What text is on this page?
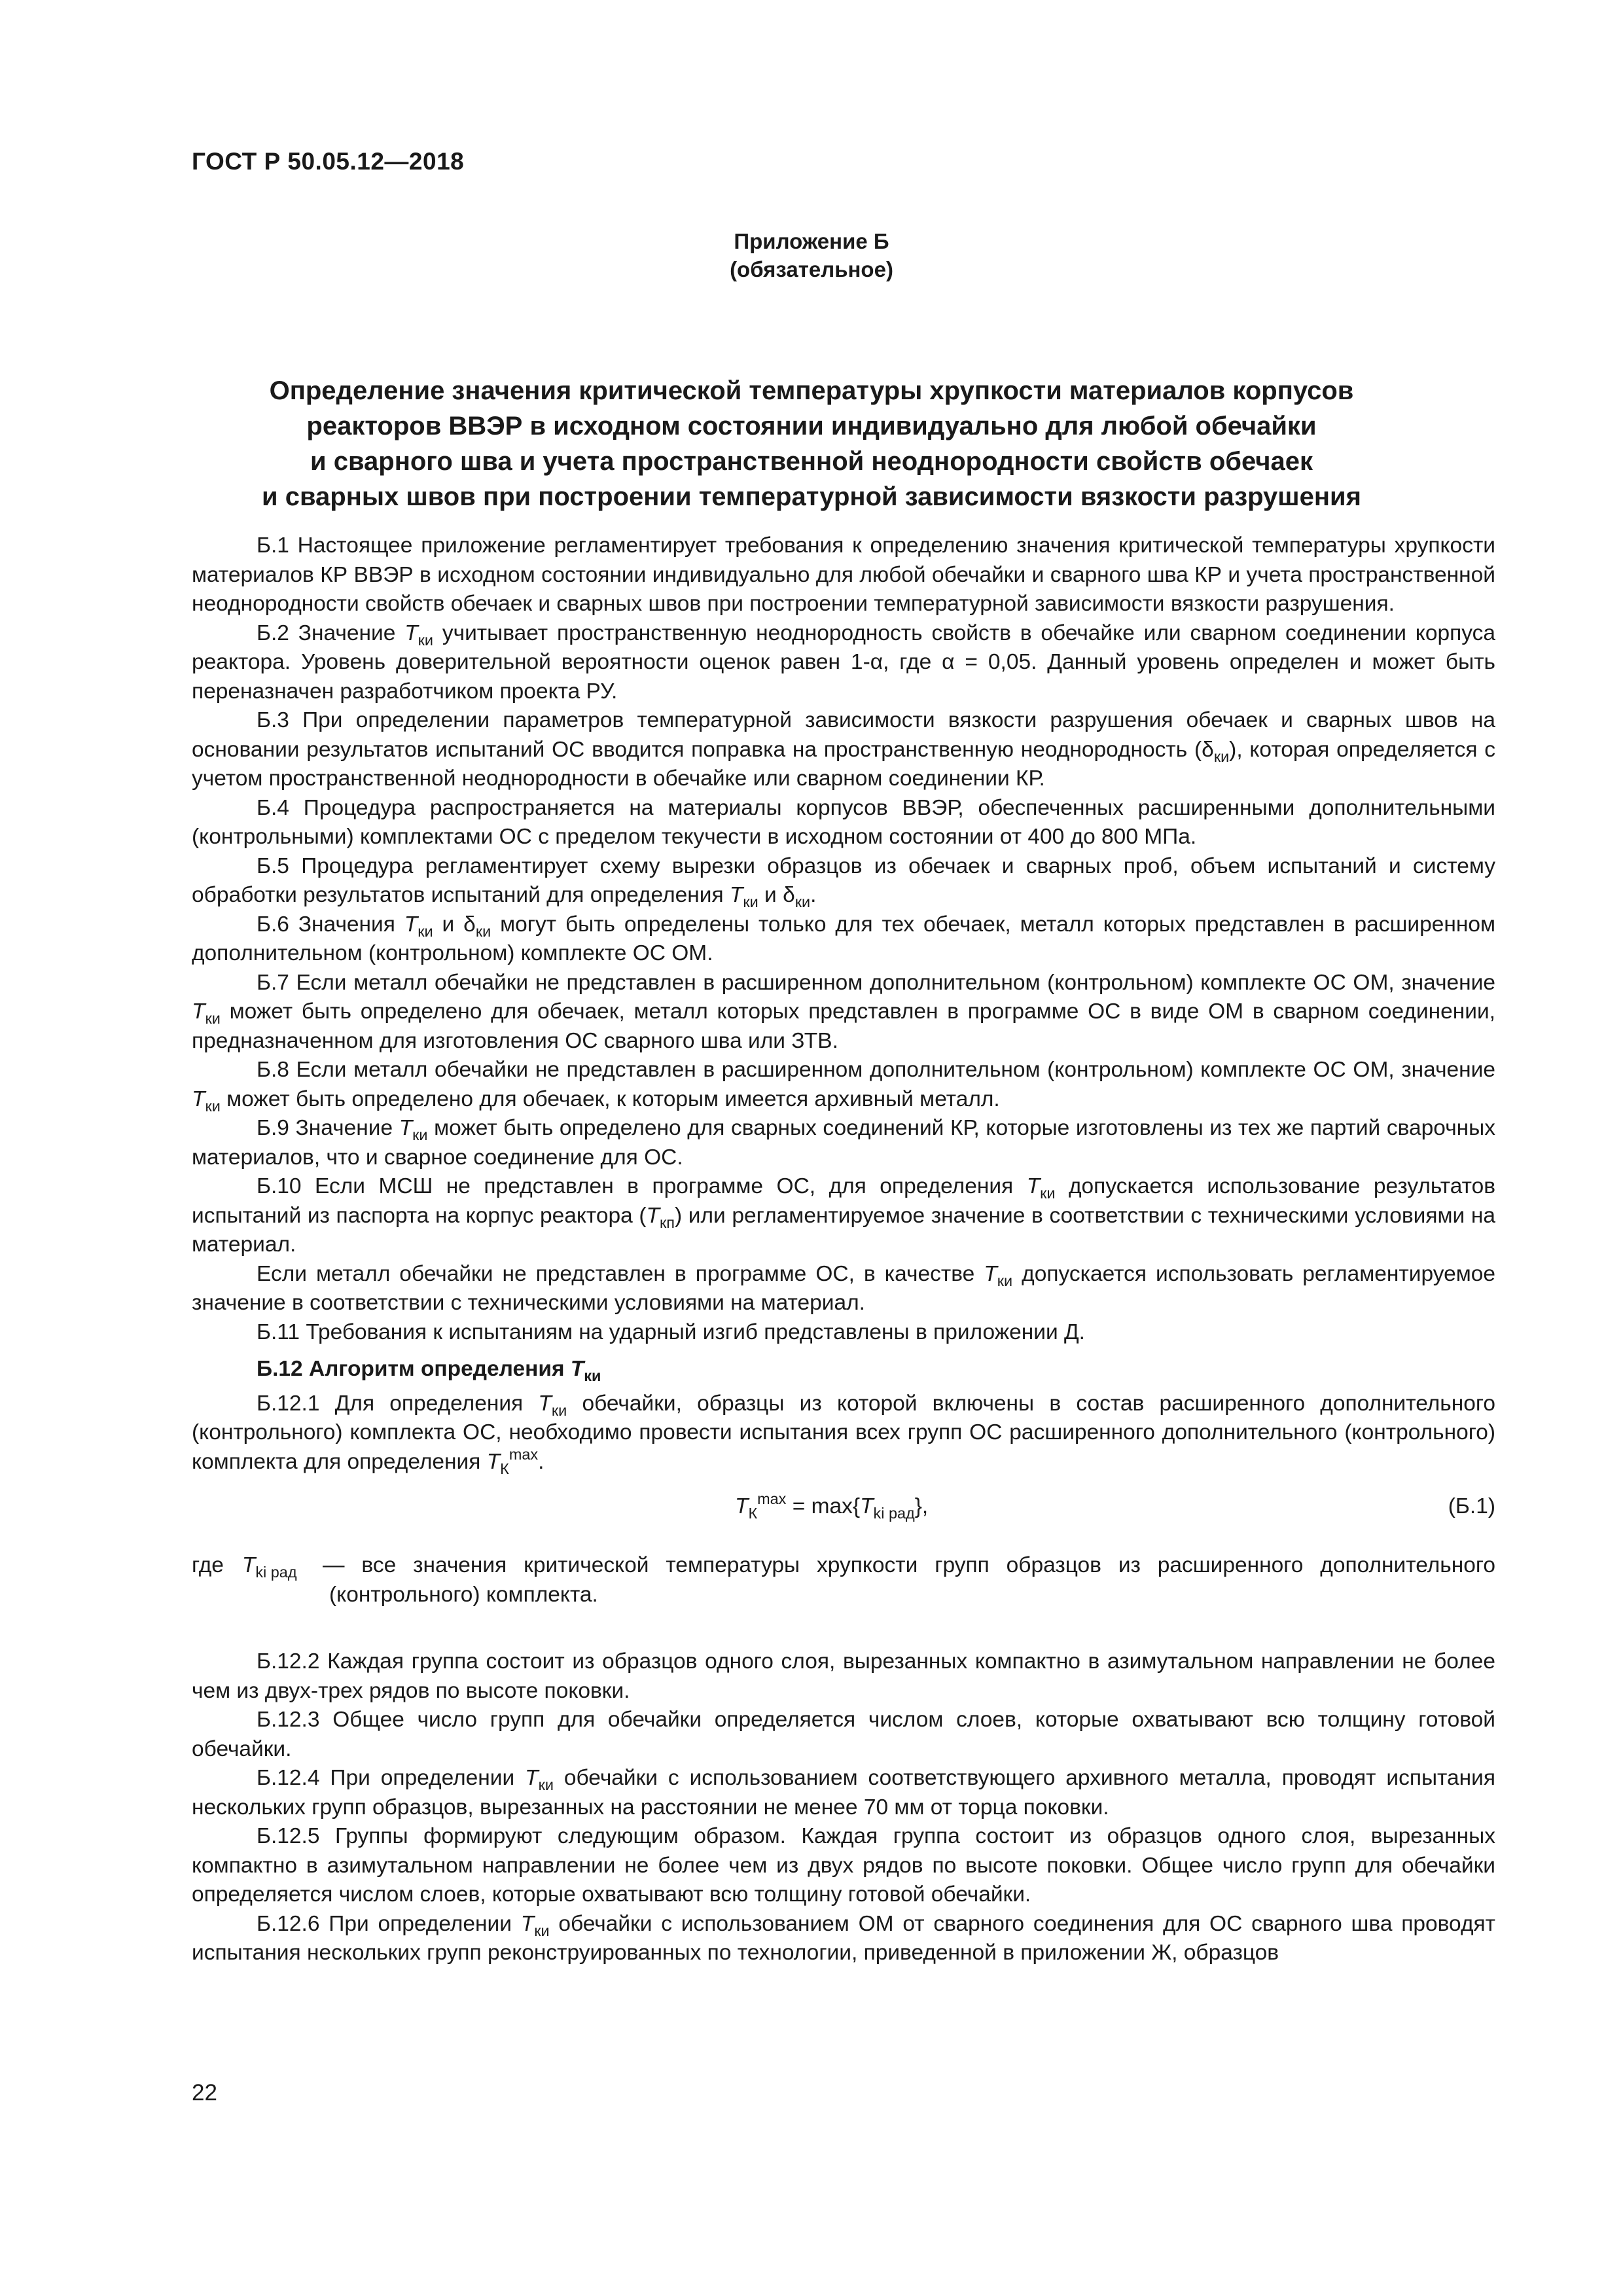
ГОСТ Р 50.05.12—2018
Приложение Б
(обязательное)
Определение значения критической температуры хрупкости материалов корпусов
реакторов ВВЭР в исходном состоянии индивидуально для любой обечайки
и сварного шва и учета пространственной неоднородности свойств обечаек
и сварных швов при построении температурной зависимости вязкости разрушения

Б.1 Настоящее приложение регламентирует требования к определению значения критической температуры хрупкости материалов КР ВВЭР в исходном состоянии индивидуально для любой обечайки и сварного шва КР и учета пространственной неоднородности свойств обечаек и сварных швов при построении температурной зависимости вязкости разрушения.

Б.2 Значение $T_{ки}$ учитывает пространственную неоднородность свойств в обечайке или сварном соединении корпуса реактора. Уровень доверительной вероятности оценок равен 1-α, где α = 0,05. Данный уровень определен и может быть переназначен разработчиком проекта РУ.

Б.3 При определении параметров температурной зависимости вязкости разрушения обечаек и сварных швов на основании результатов испытаний ОС вводится поправка на пространственную неоднородность $(\delta_{ки})$, которая определяется с учетом пространственной неоднородности в обечайке или сварном соединении КР.

Б.4 Процедура распространяется на материалы корпусов ВВЭР, обеспеченных расширенными дополнительными (контрольными) комплектами ОС с пределом текучести в исходном состоянии от 400 до 800 МПа.

Б.5 Процедура регламентирует схему вырезки образцов из обечаек и сварных проб, объем испытаний и систему обработки результатов испытаний для определения $T_{ки}$ и $\delta_{ки}$.

Б.6 Значения $T_{ки}$ и $\delta_{ки}$ могут быть определены только для тех обечаек, металл которых представлен в расширенном дополнительном (контрольном) комплекте ОС ОМ.

Б.7 Если металл обечайки не представлен в расширенном дополнительном (контрольном) комплекте ОС ОМ, значение $T_{ки}$ может быть определено для обечаек, металл которых представлен в программе ОС в виде ОМ в сварном соединении, предназначенном для изготовления ОС сварного шва или ЗТВ.

Б.8 Если металл обечайки не представлен в расширенном дополнительном (контрольном) комплекте ОС ОМ, значение $T_{ки}$ может быть определено для обечаек, к которым имеется архивный металл.

Б.9 Значение $T_{ки}$ может быть определено для сварных соединений КР, которые изготовлены из тех же партий сварочных материалов, что и сварное соединение для ОС.

Б.10 Если МСШ не представлен в программе ОС, для определения $T_{ки}$ допускается использование результатов испытаний из паспорта на корпус реактора $(T_{кп})$ или регламентируемое значение в соответствии с техническими условиями на материал.

Если металл обечайки не представлен в программе ОС, в качестве $T_{ки}$ допускается использовать регламентируемое значение в соответствии с техническими условиями на материал.

Б.11 Требования к испытаниям на ударный изгиб представлены в приложении Д.

Б.12 Алгоритм определения $T_{ки}$

Б.12.1 Для определения $T_{ки}$ обечайки, образцы из которой включены в состав расширенного дополнительного (контрольного) комплекта ОС, необходимо провести испытания всех групп ОС расширенного дополнительного (контрольного) комплекта для определения $T_К^{max}$.

$T_К^{max} = \max\{T_{ki рад}\}$,	(Б.1)
где $T_{ki рад}$ — все значения критической температуры хрупкости групп образцов из расширенного дополнительного (контрольного) комплекта.

Б.12.2 Каждая группа состоит из образцов одного слоя, вырезанных компактно в азимутальном направлении не более чем из двух-трех рядов по высоте поковки.

Б.12.3 Общее число групп для обечайки определяется числом слоев, которые охватывают всю толщину готовой обечайки.

Б.12.4 При определении $T_{ки}$ обечайки с использованием соответствующего архивного металла, проводят испытания нескольких групп образцов, вырезанных на расстоянии не менее 70 мм от торца поковки.

Б.12.5 Группы формируют следующим образом. Каждая группа состоит из образцов одного слоя, вырезанных компактно в азимутальном направлении не более чем из двух рядов по высоте поковки. Общее число групп для обечайки определяется числом слоев, которые охватывают всю толщину готовой обечайки.

Б.12.6 При определении $T_{ки}$ обечайки с использованием ОМ от сварного соединения для ОС сварного шва проводят испытания нескольких групп реконструированных по технологии, приведенной в приложении Ж, образцов

22
